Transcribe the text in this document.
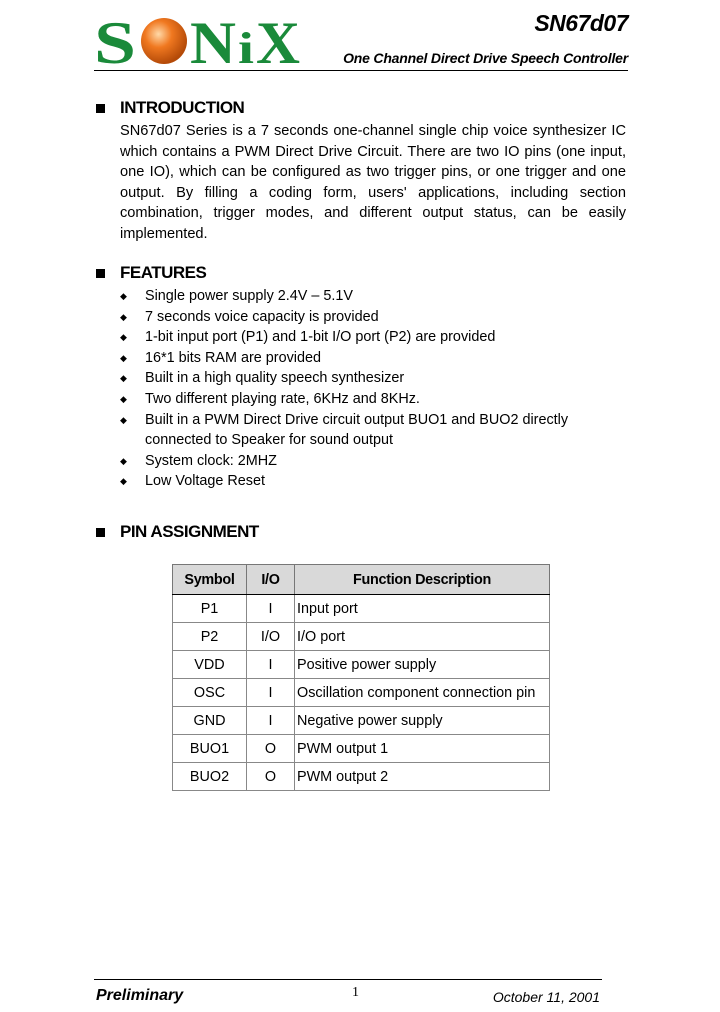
S N i X	SN67d07
One Channel Direct Drive Speech Controller
INTRODUCTION
SN67d07 Series is a 7 seconds one-channel single chip voice synthesizer IC which contains a PWM Direct Drive Circuit. There are two IO pins (one input, one IO), which can be configured as two trigger pins, or one trigger and one output. By filling a coding form, users' applications, including section combination, trigger modes, and different output status, can be easily implemented.
FEATURES
◆ Single power supply 2.4V – 5.1V
◆ 7 seconds voice capacity is provided
◆ 1-bit input port (P1) and 1-bit I/O port (P2) are provided
◆ 16*1 bits RAM are provided
◆ Built in a high quality speech synthesizer
◆ Two different playing rate, 6KHz and 8KHz.
◆ Built in a PWM Direct Drive circuit output BUO1 and BUO2 directly connected to Speaker for sound output
◆ System clock: 2MHZ
◆ Low Voltage Reset
PIN ASSIGNMENT
Symbol	I/O	Function Description
P1	I	Input port
P2	I/O	I/O port
VDD	I	Positive power supply
OSC	I	Oscillation component connection pin
GND	I	Negative power supply
BUO1	O	PWM output 1
BUO2	O	PWM output 2
Preliminary	1	October 11, 2001
